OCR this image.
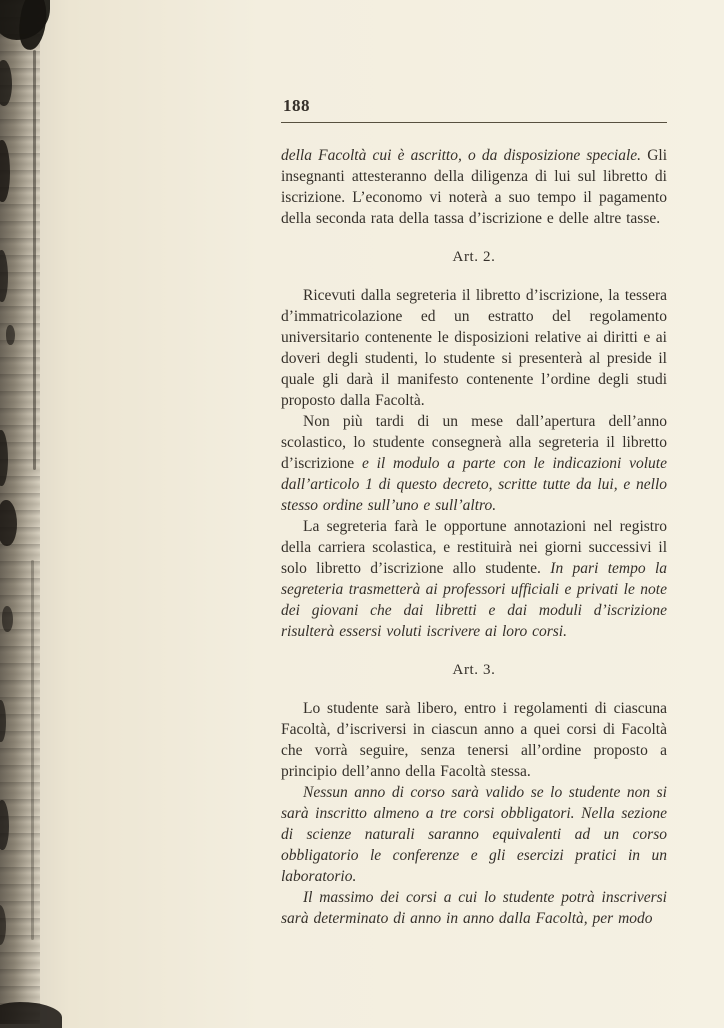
188

della Facoltà cui è ascritto, o da disposizione speciale. Gli insegnanti attesteranno della diligenza di lui sul libretto di iscrizione. L’economo vi noterà a suo tempo il pagamento della seconda rata della tassa d’iscrizione e delle altre tasse.

Art. 2.

Ricevuti dalla segreteria il libretto d’iscrizione, la tessera d’immatricolazione ed un estratto del regolamento universitario contenente le disposizioni relative ai diritti e ai doveri degli studenti, lo studente si presenterà al preside il quale gli darà il manifesto contenente l’ordine degli studi proposto dalla Facoltà.

Non più tardi di un mese dall’apertura dell’anno scolastico, lo studente consegnerà alla segreteria il libretto d’iscrizione e il modulo a parte con le indicazioni volute dall’articolo 1 di questo decreto, scritte tutte da lui, e nello stesso ordine sull’uno e sull’altro.

La segreteria farà le opportune annotazioni nel registro della carriera scolastica, e restituirà nei giorni successivi il solo libretto d’iscrizione allo studente. In pari tempo la segreteria trasmetterà ai professori ufficiali e privati le note dei giovani che dai libretti e dai moduli d’iscrizione risulterà essersi voluti iscrivere ai loro corsi.

Art. 3.

Lo studente sarà libero, entro i regolamenti di ciascuna Facoltà, d’iscriversi in ciascun anno a quei corsi di Facoltà che vorrà seguire, senza tenersi all’ordine proposto a principio dell’anno della Facoltà stessa.

Nessun anno di corso sarà valido se lo studente non si sarà inscritto almeno a tre corsi obbligatori. Nella sezione di scienze naturali saranno equivalenti ad un corso obbligatorio le conferenze e gli esercizi pratici in un laboratorio.

Il massimo dei corsi a cui lo studente potrà inscriversi sarà determinato di anno in anno dalla Facoltà, per modo
